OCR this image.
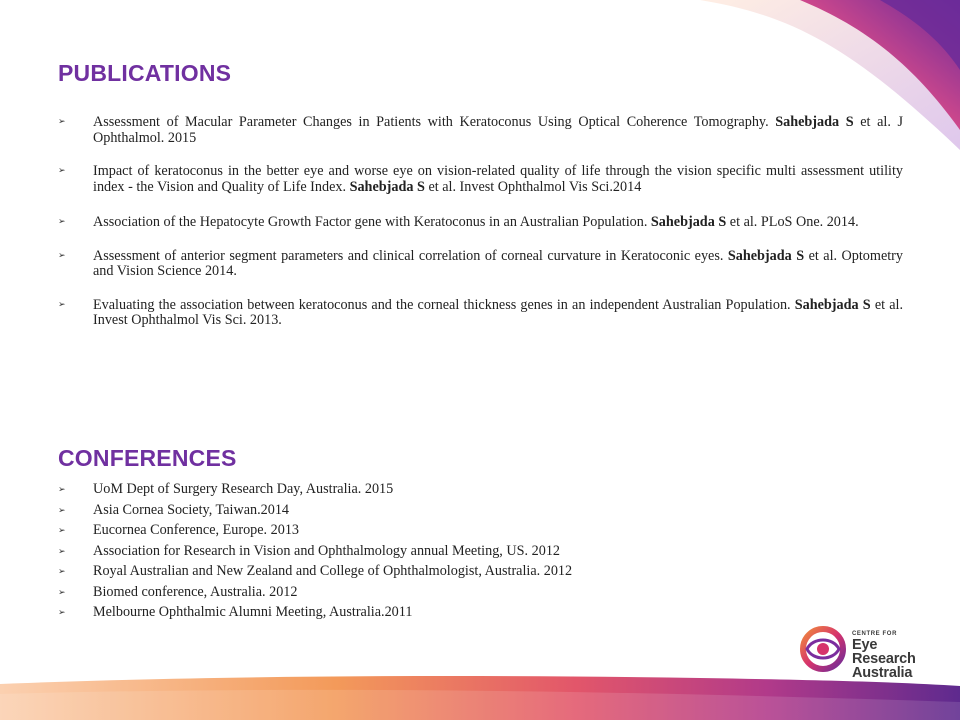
PUBLICATIONS
➢ Assessment of Macular Parameter Changes in Patients with Keratoconus Using Optical Coherence Tomography. Sahebjada S et al. J Ophthalmol. 2015
➢ Impact of keratoconus in the better eye and worse eye on vision-related quality of life through the vision specific multi assessment utility index - the Vision and Quality of Life Index. Sahebjada S et al. Invest Ophthalmol Vis Sci.2014
➢ Association of the Hepatocyte Growth Factor gene with Keratoconus in an Australian Population. Sahebjada S et al. PLoS One. 2014.
➢ Assessment of anterior segment parameters and clinical correlation of corneal curvature in Keratoconic eyes. Sahebjada S et al. Optometry and Vision Science 2014.
➢ Evaluating the association between keratoconus and the corneal thickness genes in an independent Australian Population. Sahebjada S et al. Invest Ophthalmol Vis Sci. 2013.
CONFERENCES
➢ UoM Dept of Surgery Research Day, Australia. 2015
➢ Asia Cornea Society, Taiwan.2014
➢ Eucornea Conference, Europe. 2013
➢ Association for Research in Vision and Ophthalmology annual Meeting, US. 2012
➢ Royal Australian and New Zealand and College of Ophthalmologist, Australia. 2012
➢ Biomed conference, Australia. 2012
➢ Melbourne Ophthalmic Alumni Meeting, Australia.2011
CENTRE FOR
Eye Research
Australia
